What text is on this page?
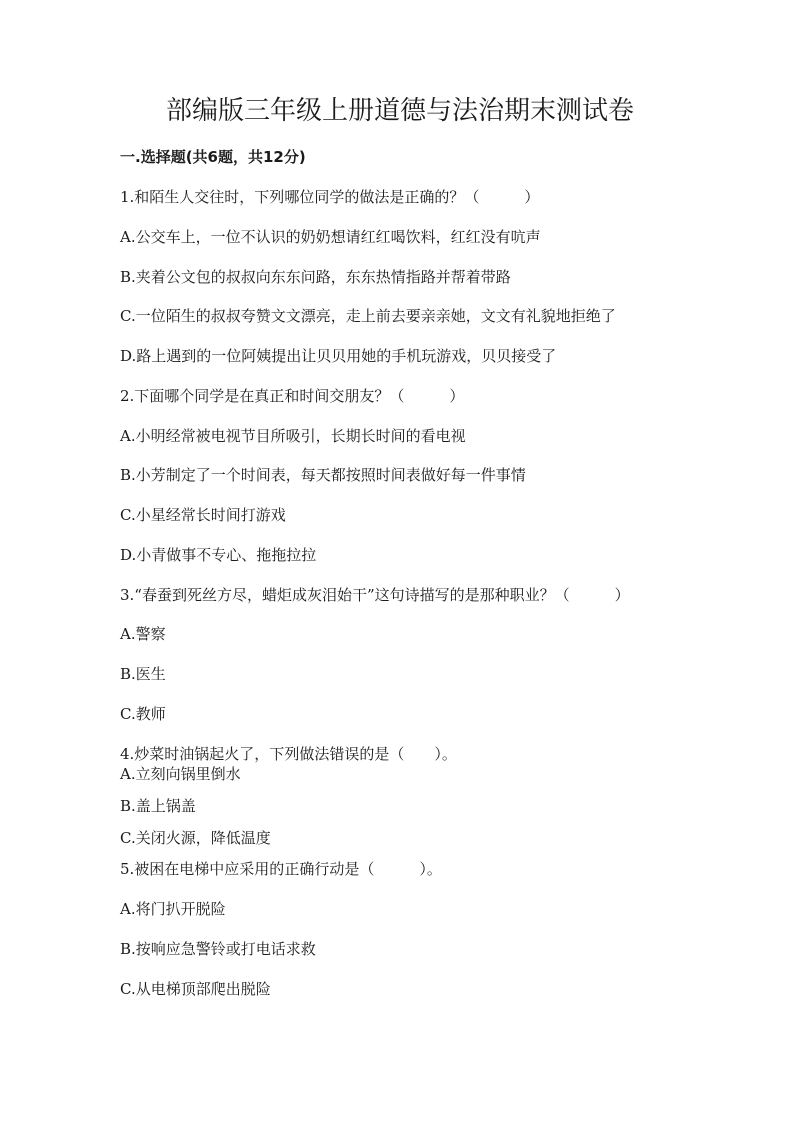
部编版三年级上册道德与法治期末测试卷
一.选择题(共6题，共12分)
1.和陌生人交往时，下列哪位同学的做法是正确的？（　　　）
A.公交车上，一位不认识的奶奶想请红红喝饮料，红红没有吭声
B.夹着公文包的叔叔向东东问路，东东热情指路并帮着带路
C.一位陌生的叔叔夸赞文文漂亮，走上前去要亲亲她，文文有礼貌地拒绝了
D.路上遇到的一位阿姨提出让贝贝用她的手机玩游戏，贝贝接受了
2.下面哪个同学是在真正和时间交朋友？（　　　）
A.小明经常被电视节目所吸引，长期长时间的看电视
B.小芳制定了一个时间表，每天都按照时间表做好每一件事情
C.小星经常长时间打游戏
D.小青做事不专心、拖拖拉拉
3.“春蚕到死丝方尽，蜡炬成灰泪始干”这句诗描写的是那种职业？（　　　）
A.警察
B.医生
C.教师
4.炒菜时油锅起火了，下列做法错误的是（　　）。
A.立刻向锅里倒水
B.盖上锅盖
C.关闭火源，降低温度
5.被困在电梯中应采用的正确行动是（　　　）。
A.将门扒开脱险
B.按响应急警铃或打电话求救
C.从电梯顶部爬出脱险
